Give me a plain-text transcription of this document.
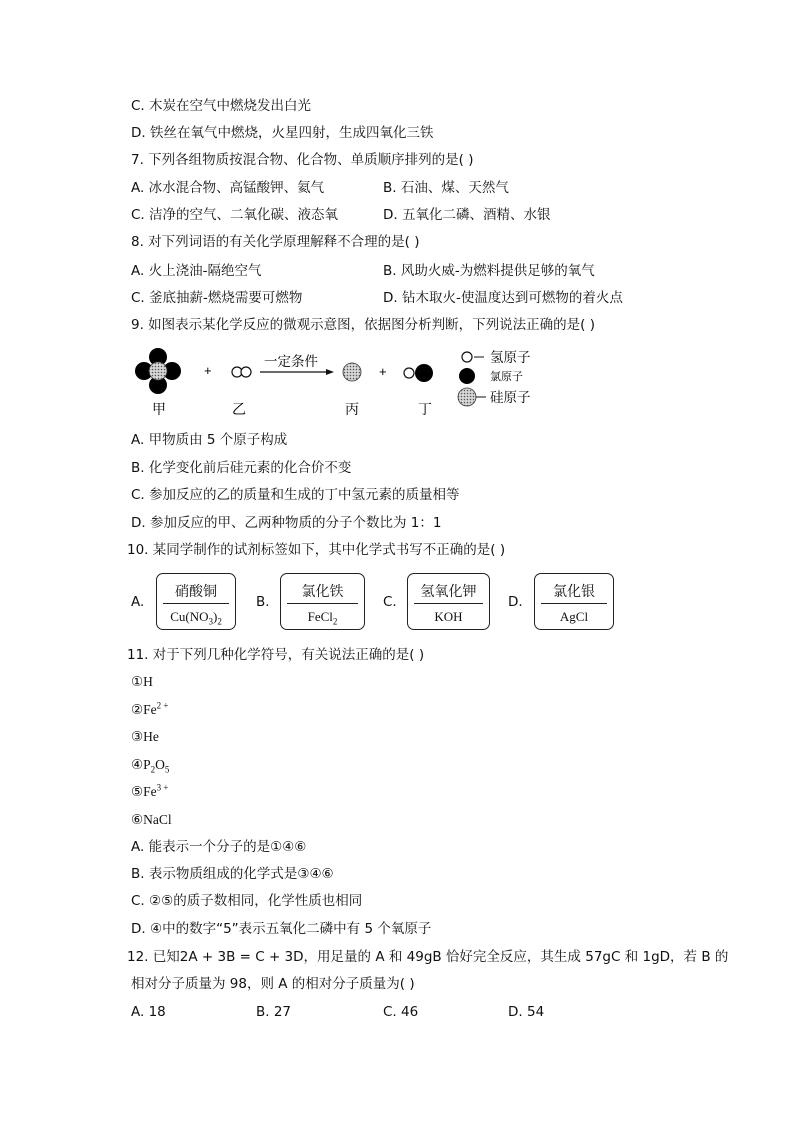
C. 木炭在空气中燃烧发出白光
D. 铁丝在氧气中燃烧，火星四射，生成四氧化三铁
7. 下列各组物质按混合物、化合物、单质顺序排列的是( )
A. 冰水混合物、高锰酸钾、氦气	B. 石油、煤、天然气
C. 洁净的空气、二氧化碳、液态氧	D. 五氧化二磷、酒精、水银
8. 对下列词语的有关化学原理解释不合理的是( )
A. 火上浇油-隔绝空气	B. 风助火威-为燃料提供足够的氧气
C. 釜底抽薪-燃烧需要可燃物	D. 钻木取火-使温度达到可燃物的着火点
9. 如图表示某化学反应的微观示意图，依据图分析判断，下列说法正确的是( )
+
一定条件
+
甲	乙	丙	丁
氢原子
氯原子
硅原子
A. 甲物质由 5 个原子构成
B. 化学变化前后硅元素的化合价不变
C. 参加反应的乙的质量和生成的丁中氢元素的质量相等
D. 参加反应的甲、乙两种物质的分子个数比为 1：1
10. 某同学制作的试剂标签如下，其中化学式书写不正确的是( )
A.
硝酸铜
$Cu(NO_3)_2$
B.
氯化铁
FeCl$_2$
C.
氢氧化钾
KOH
D.
氯化银
AgCl
11. 对于下列几种化学符号，有关说法正确的是( )
①H
$②Fe^{2 +}$
③He
$④P_2O_5$
$⑤Fe^{3 +}$
⑥NaCl
A. 能表示一个分子的是①④⑥
B. 表示物质组成的化学式是③④⑥
C. ②⑤的质子数相同，化学性质也相同
D. ④中的数字“5”表示五氧化二磷中有 5 个氧原子
12. 已知2A + 3B = C + 3D，用足量的 A 和 49gB 恰好完全反应，其生成 57gC 和 1gD，若 B 的
相对分子质量为 98，则 A 的相对分子质量为( )
A. 18	B. 27	C. 46	D. 54
